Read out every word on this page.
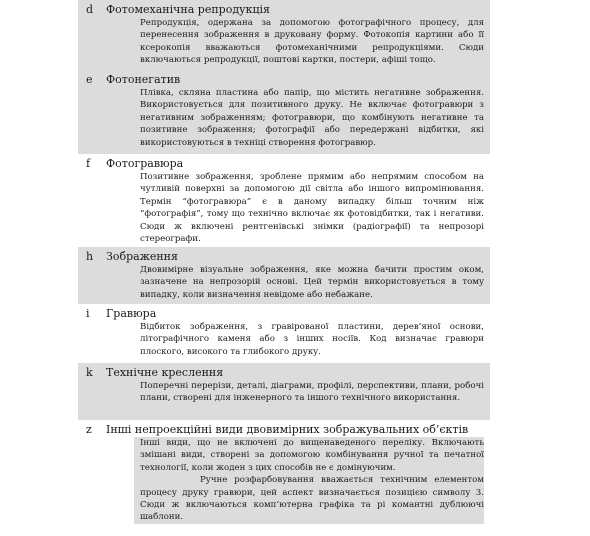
d Фотомеханічна репродукція

Репродукція, одержана за допомогою фотографічного процесу, для перенесення зображення в друковану форму. Фотокопія картини або її ксерокопія вважаються фотомеханічними репродукціями. Сюди включаються репродукції, поштові картки, постери, афіші тощо.

e Фотонегатив

Плівка, скляна пластина або папір, що містить негативне зображення. Використовується для позитивного друку. Не включає фотогравюри з негативним зображенням; фотогравюри, що комбінують негативне та позитивне зображення; фотографії або передержані відбитки, які використовуються в техніці створення фотогравюр.

f Фотогравюра

Позитивне зображення, зроблене прямим або непрямим способом на чутливій поверхні за допомогою дії світла або іншого випромінювання. Термін “фотогравюра” є в даному випадку більш точним ніж “фотографія”, тому що технічно включає як фотовідбитки, так і негативи. Сюди ж включені рентгенівські знімки (радіографії) та непрозорі стереографи.

h Зображення

Двовимірне візуальне зображення, яке можна бачити простим оком, зазначене на непрозорій основі. Цей термін використовується в тому випадку, коли визначення невідоме або небажане.

i Гравюра

Відбиток зображення, з гравірованої пластини, дерев’яної основи, літографічного каменя або з інших носіїв. Код визначає гравюри плоского, високого та глибокого друку.

k Технічне креслення

Поперечні перерізи, деталі, діаграми, профілі, перспективи, плани, робочі плани, створені для інженерного та іншого технічного використання.

z Інші непроекційні види двовимірних зображувальних об’єктів

Інші види, що не включені до вищенаведеного переліку. Включають змішані види, створені за допомогою комбінування ручної та печатної технології, коли жоден з цих способів не є домінуючим.

Ручне розфарбовування вважається технічним елементом процесу друку гравюри, цей аспект визначається позицією символу 3. Сюди ж включаються комп’ютерна графіка та рі комантні дублюючі шаблони.
